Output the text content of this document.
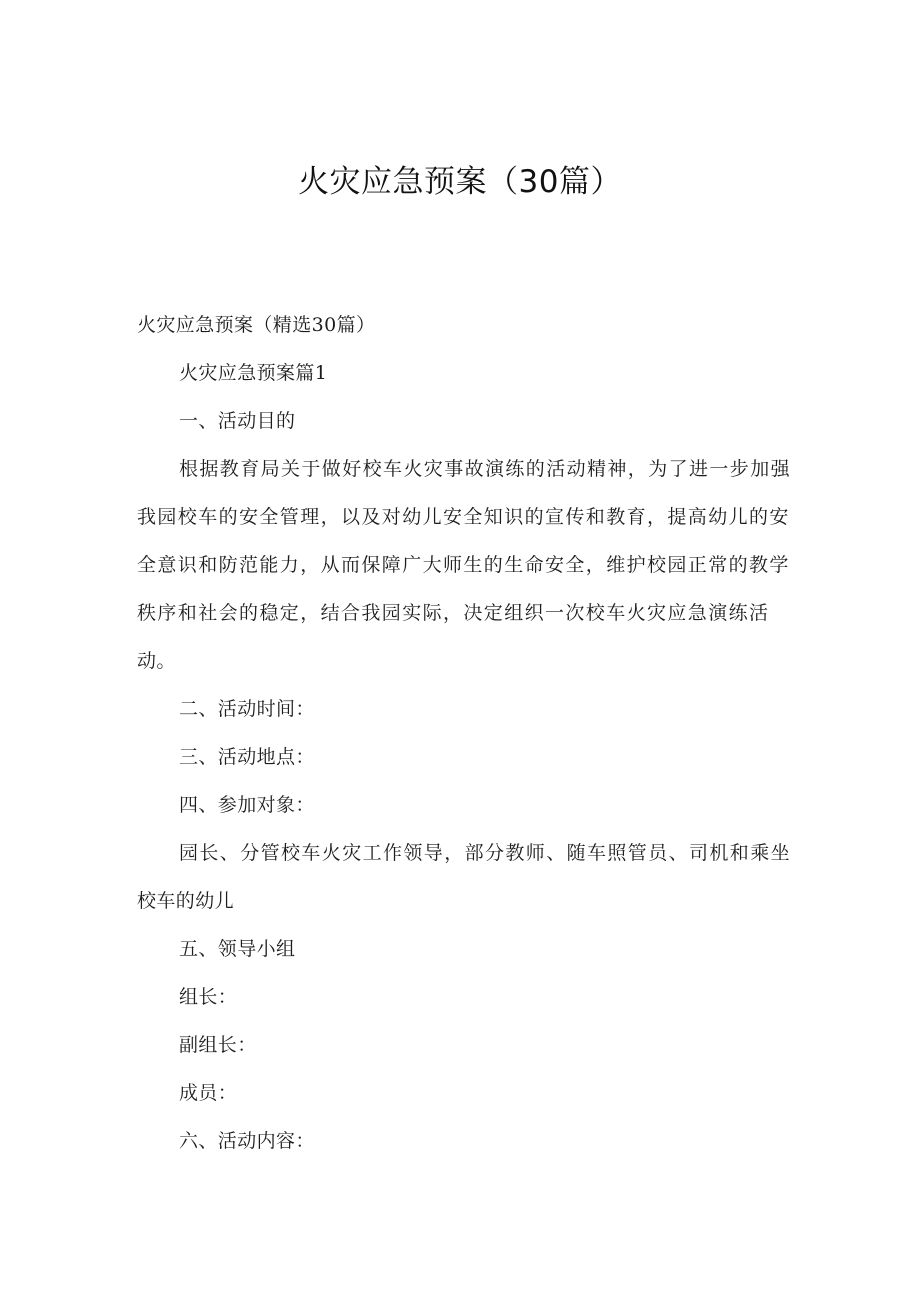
火灾应急预案（30篇）
火灾应急预案（精选30篇）
火灾应急预案篇1
一、活动目的
根据教育局关于做好校车火灾事故演练的活动精神，为了进一步加强
我园校车的安全管理，以及对幼儿安全知识的宣传和教育，提高幼儿的安
全意识和防范能力，从而保障广大师生的生命安全，维护校园正常的教学
秩序和社会的稳定，结合我园实际，决定组织一次校车火灾应急演练活
动。
二、活动时间：
三、活动地点：
四、参加对象：
园长、分管校车火灾工作领导，部分教师、随车照管员、司机和乘坐
校车的幼儿
五、领导小组
组长：
副组长：
成员：
六、活动内容：
